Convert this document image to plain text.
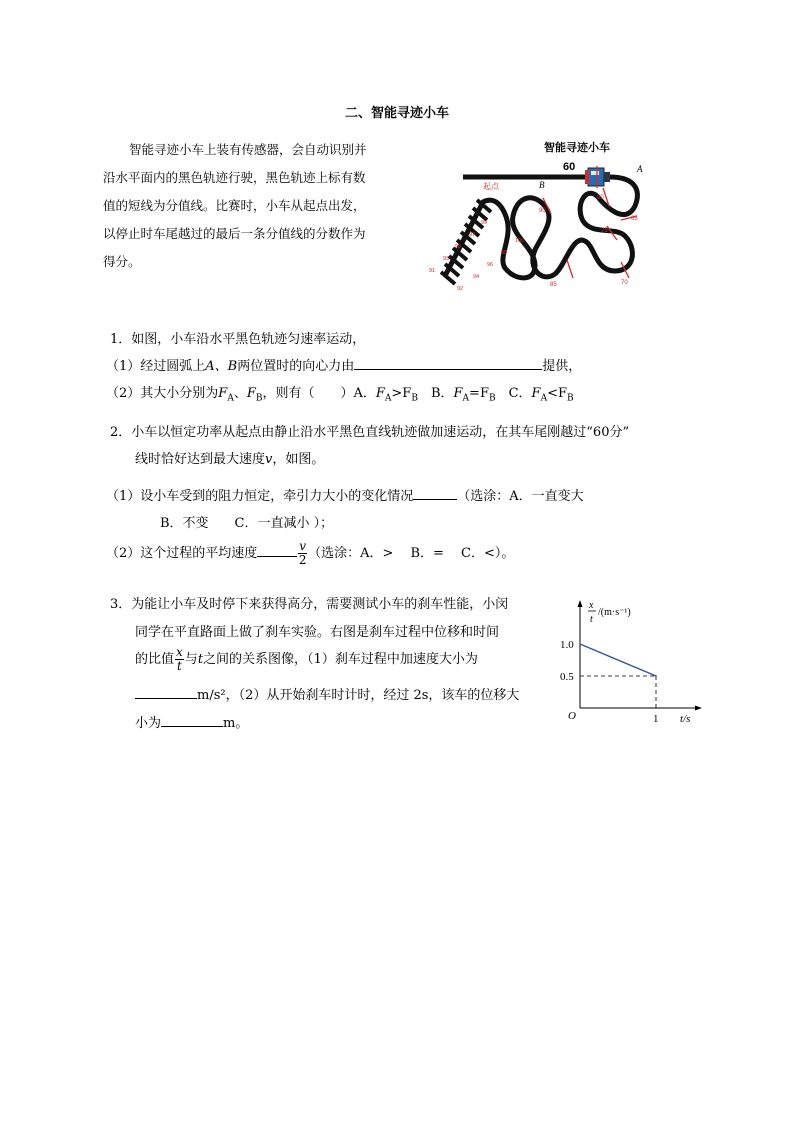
二、智能寻迹小车
智能寻迹小车上装有传感器，会自动识别并
沿水平面内的黑色轨迹行驶，黑色轨迹上标有数
值的短线为分值线。比赛时，小车从起点出发，
以停止时车尾越过的最后一条分值线的分数作为
得分。
智能寻迹小车
60
起点
A
B
90
80
65
75
85	70
99
97
95
93
91
92
94
96
98
100
1．如图，小车沿水平黑色轨迹匀速率运动，
（1）经过圆弧上A、B两位置时的向心力由	提供，
（2）其大小分别为$F_A$、$F_B$，则有（　　）A．$F_A>F_B$　B．$F_A=F_B$　C．$F_A<F_B$
2．小车以恒定功率从起点由静止沿水平黑色直线轨迹做加速运动，在其车尾刚越过“60分”
线时恰好达到最大速度v，如图。
（1）设小车受到的阻力恒定，牵引力大小的变化情况	（选涂：A．一直变大
B．不变　　C．一直减小 ）；
（2）这个过程的平均速度	$\frac{v}{2}$ （选涂：A．>　 B．=　 C．<）。
3．为能让小车及时停下来获得高分，需要测试小车的刹车性能，小闵
同学在平直路面上做了刹车实验。右图是刹车过程中位移和时间
的比值 $\frac{x}{t}$ 与t之间的关系图像，（1）刹车过程中加速度大小为
m/s²，（2）从开始刹车时计时，经过 2s，该车的位移大
小为	m。
x
t
/(m·s⁻¹)
O	t/s
1.0
0.5
1
